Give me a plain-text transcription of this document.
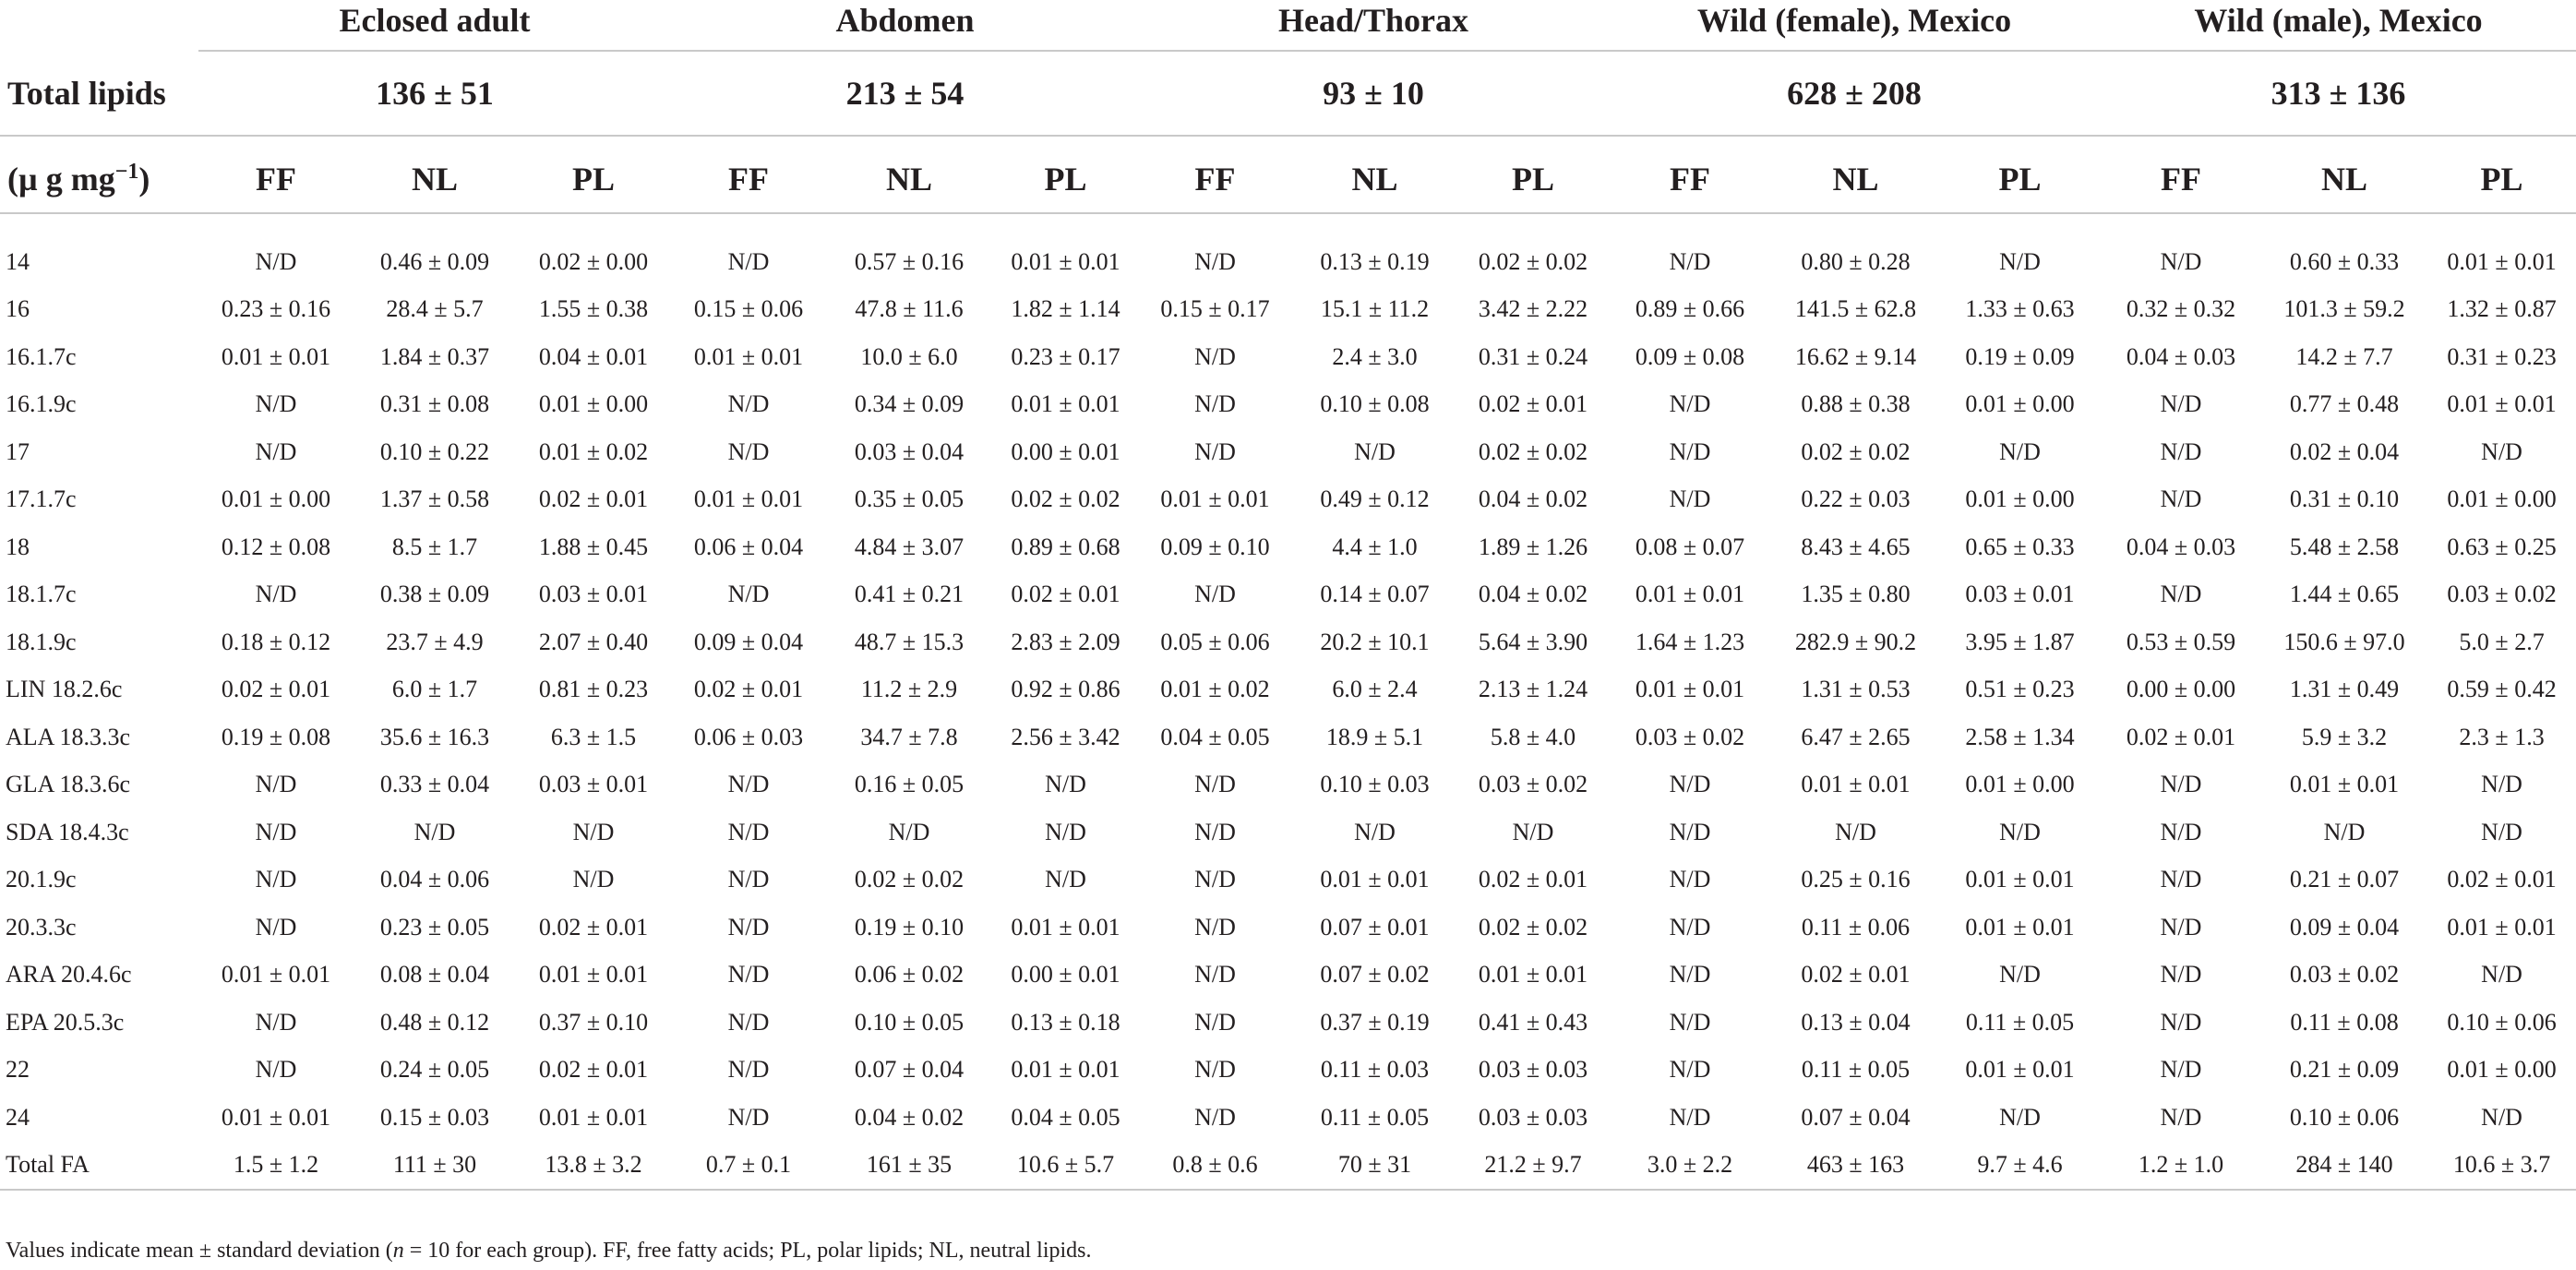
	Eclosed adult			Abdomen			Head/Thorax			Wild (female), Mexico			Wild (male), Mexico		

Total lipids	136 ± 51			213 ± 54			93 ± 10			628 ± 208			313 ± 136		

(µ g $mg^{-1}$)	FF	NL	PL	FF	NL	PL	FF	NL	PL	FF	NL	PL	FF	NL	PL

14	N/D	0.46 ± 0.09	0.02 ± 0.00	N/D	0.57 ± 0.16	0.01 ± 0.01	N/D	0.13 ± 0.19	0.02 ± 0.02	N/D	0.80 ± 0.28	N/D	N/D	0.60 ± 0.33	0.01 ± 0.01
16	0.23 ± 0.16	28.4 ± 5.7	1.55 ± 0.38	0.15 ± 0.06	47.8 ± 11.6	1.82 ± 1.14	0.15 ± 0.17	15.1 ± 11.2	3.42 ± 2.22	0.89 ± 0.66	141.5 ± 62.8	1.33 ± 0.63	0.32 ± 0.32	101.3 ± 59.2	1.32 ± 0.87
16.1.7c	0.01 ± 0.01	1.84 ± 0.37	0.04 ± 0.01	0.01 ± 0.01	10.0 ± 6.0	0.23 ± 0.17	N/D	2.4 ± 3.0	0.31 ± 0.24	0.09 ± 0.08	16.62 ± 9.14	0.19 ± 0.09	0.04 ± 0.03	14.2 ± 7.7	0.31 ± 0.23
16.1.9c	N/D	0.31 ± 0.08	0.01 ± 0.00	N/D	0.34 ± 0.09	0.01 ± 0.01	N/D	0.10 ± 0.08	0.02 ± 0.01	N/D	0.88 ± 0.38	0.01 ± 0.00	N/D	0.77 ± 0.48	0.01 ± 0.01
17	N/D	0.10 ± 0.22	0.01 ± 0.02	N/D	0.03 ± 0.04	0.00 ± 0.01	N/D	N/D	0.02 ± 0.02	N/D	0.02 ± 0.02	N/D	N/D	0.02 ± 0.04	N/D
17.1.7c	0.01 ± 0.00	1.37 ± 0.58	0.02 ± 0.01	0.01 ± 0.01	0.35 ± 0.05	0.02 ± 0.02	0.01 ± 0.01	0.49 ± 0.12	0.04 ± 0.02	N/D	0.22 ± 0.03	0.01 ± 0.00	N/D	0.31 ± 0.10	0.01 ± 0.00
18	0.12 ± 0.08	8.5 ± 1.7	1.88 ± 0.45	0.06 ± 0.04	4.84 ± 3.07	0.89 ± 0.68	0.09 ± 0.10	4.4 ± 1.0	1.89 ± 1.26	0.08 ± 0.07	8.43 ± 4.65	0.65 ± 0.33	0.04 ± 0.03	5.48 ± 2.58	0.63 ± 0.25
18.1.7c	N/D	0.38 ± 0.09	0.03 ± 0.01	N/D	0.41 ± 0.21	0.02 ± 0.01	N/D	0.14 ± 0.07	0.04 ± 0.02	0.01 ± 0.01	1.35 ± 0.80	0.03 ± 0.01	N/D	1.44 ± 0.65	0.03 ± 0.02
18.1.9c	0.18 ± 0.12	23.7 ± 4.9	2.07 ± 0.40	0.09 ± 0.04	48.7 ± 15.3	2.83 ± 2.09	0.05 ± 0.06	20.2 ± 10.1	5.64 ± 3.90	1.64 ± 1.23	282.9 ± 90.2	3.95 ± 1.87	0.53 ± 0.59	150.6 ± 97.0	5.0 ± 2.7
LIN 18.2.6c	0.02 ± 0.01	6.0 ± 1.7	0.81 ± 0.23	0.02 ± 0.01	11.2 ± 2.9	0.92 ± 0.86	0.01 ± 0.02	6.0 ± 2.4	2.13 ± 1.24	0.01 ± 0.01	1.31 ± 0.53	0.51 ± 0.23	0.00 ± 0.00	1.31 ± 0.49	0.59 ± 0.42
ALA 18.3.3c	0.19 ± 0.08	35.6 ± 16.3	6.3 ± 1.5	0.06 ± 0.03	34.7 ± 7.8	2.56 ± 3.42	0.04 ± 0.05	18.9 ± 5.1	5.8 ± 4.0	0.03 ± 0.02	6.47 ± 2.65	2.58 ± 1.34	0.02 ± 0.01	5.9 ± 3.2	2.3 ± 1.3
GLA 18.3.6c	N/D	0.33 ± 0.04	0.03 ± 0.01	N/D	0.16 ± 0.05	N/D	N/D	0.10 ± 0.03	0.03 ± 0.02	N/D	0.01 ± 0.01	0.01 ± 0.00	N/D	0.01 ± 0.01	N/D
SDA 18.4.3c	N/D	N/D	N/D	N/D	N/D	N/D	N/D	N/D	N/D	N/D	N/D	N/D	N/D	N/D	N/D
20.1.9c	N/D	0.04 ± 0.06	N/D	N/D	0.02 ± 0.02	N/D	N/D	0.01 ± 0.01	0.02 ± 0.01	N/D	0.25 ± 0.16	0.01 ± 0.01	N/D	0.21 ± 0.07	0.02 ± 0.01
20.3.3c	N/D	0.23 ± 0.05	0.02 ± 0.01	N/D	0.19 ± 0.10	0.01 ± 0.01	N/D	0.07 ± 0.01	0.02 ± 0.02	N/D	0.11 ± 0.06	0.01 ± 0.01	N/D	0.09 ± 0.04	0.01 ± 0.01
ARA 20.4.6c	0.01 ± 0.01	0.08 ± 0.04	0.01 ± 0.01	N/D	0.06 ± 0.02	0.00 ± 0.01	N/D	0.07 ± 0.02	0.01 ± 0.01	N/D	0.02 ± 0.01	N/D	N/D	0.03 ± 0.02	N/D
EPA 20.5.3c	N/D	0.48 ± 0.12	0.37 ± 0.10	N/D	0.10 ± 0.05	0.13 ± 0.18	N/D	0.37 ± 0.19	0.41 ± 0.43	N/D	0.13 ± 0.04	0.11 ± 0.05	N/D	0.11 ± 0.08	0.10 ± 0.06
22	N/D	0.24 ± 0.05	0.02 ± 0.01	N/D	0.07 ± 0.04	0.01 ± 0.01	N/D	0.11 ± 0.03	0.03 ± 0.03	N/D	0.11 ± 0.05	0.01 ± 0.01	N/D	0.21 ± 0.09	0.01 ± 0.00
24	0.01 ± 0.01	0.15 ± 0.03	0.01 ± 0.01	N/D	0.04 ± 0.02	0.04 ± 0.05	N/D	0.11 ± 0.05	0.03 ± 0.03	N/D	0.07 ± 0.04	N/D	N/D	0.10 ± 0.06	N/D
Total FA	1.5 ± 1.2	111 ± 30	13.8 ± 3.2	0.7 ± 0.1	161 ± 35	10.6 ± 5.7	0.8 ± 0.6	70 ± 31	21.2 ± 9.7	3.0 ± 2.2	463 ± 163	9.7 ± 4.6	1.2 ± 1.0	284 ± 140	10.6 ± 3.7
Values indicate mean ± standard deviation (n = 10 for each group). FF, free fatty acids; PL, polar lipids; NL, neutral lipids.
